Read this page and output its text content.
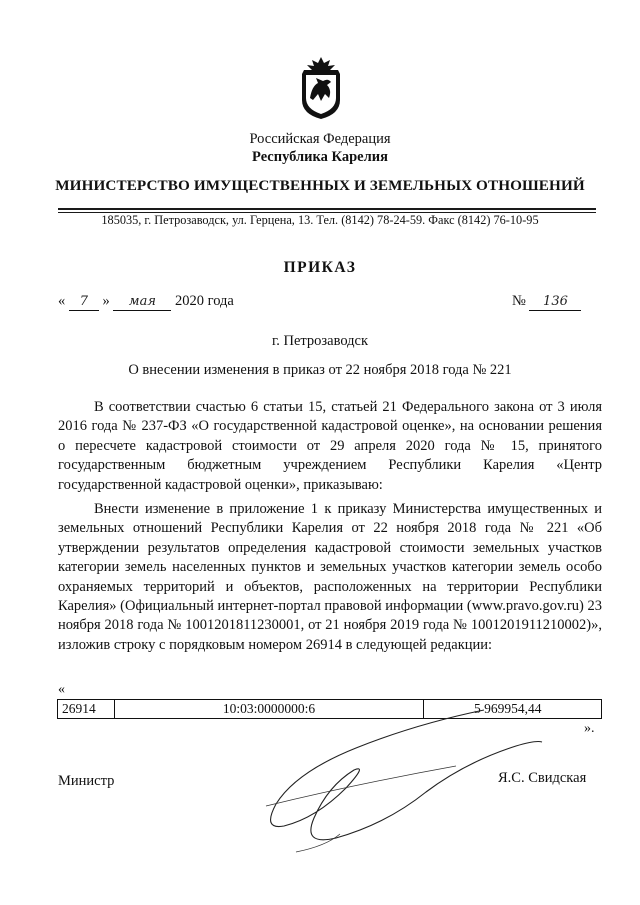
Российская Федерация
Республика Карелия
МИНИСТЕРСТВО ИМУЩЕСТВЕННЫХ И ЗЕМЕЛЬНЫХ ОТНОШЕНИЙ
185035, г. Петрозаводск, ул. Герцена, 13. Тел. (8142) 78-24-59. Факс (8142) 76-10-95
ПРИКАЗ
« 7 » мая 2020 года	№ 136
г. Петрозаводск
О внесении изменения в приказ от 22 ноября 2018 года № 221
В соответствии счастью 6 статьи 15, статьей 21 Федерального закона от 3 июля 2016 года № 237-ФЗ «О государственной кадастровой оценке», на основании решения о пересчете кадастровой стоимости от 29 апреля 2020 года № 15, принятого государственным бюджетным учреждением Республики Карелия «Центр государственной кадастровой оценки», приказываю:
Внести изменение в приложение 1 к приказу Министерства имущественных и земельных отношений Республики Карелия от 22 ноября 2018 года № 221 «Об утверждении результатов определения кадастровой стоимости земельных участков категории земель населенных пунктов и земельных участков категории земель особо охраняемых территорий и объектов, расположенных на территории Республики Карелия» (Официальный интернет-портал правовой информации (www.pravo.gov.ru) 23 ноября 2018 года № 1001201811230001, от 21 ноября 2019 года № 1001201911210002)», изложив строку с порядковым номером 26914 в следующей редакции:
«
26914	10:03:0000000:6	5 969954,44
».
Министр	Я.С. Свидская
